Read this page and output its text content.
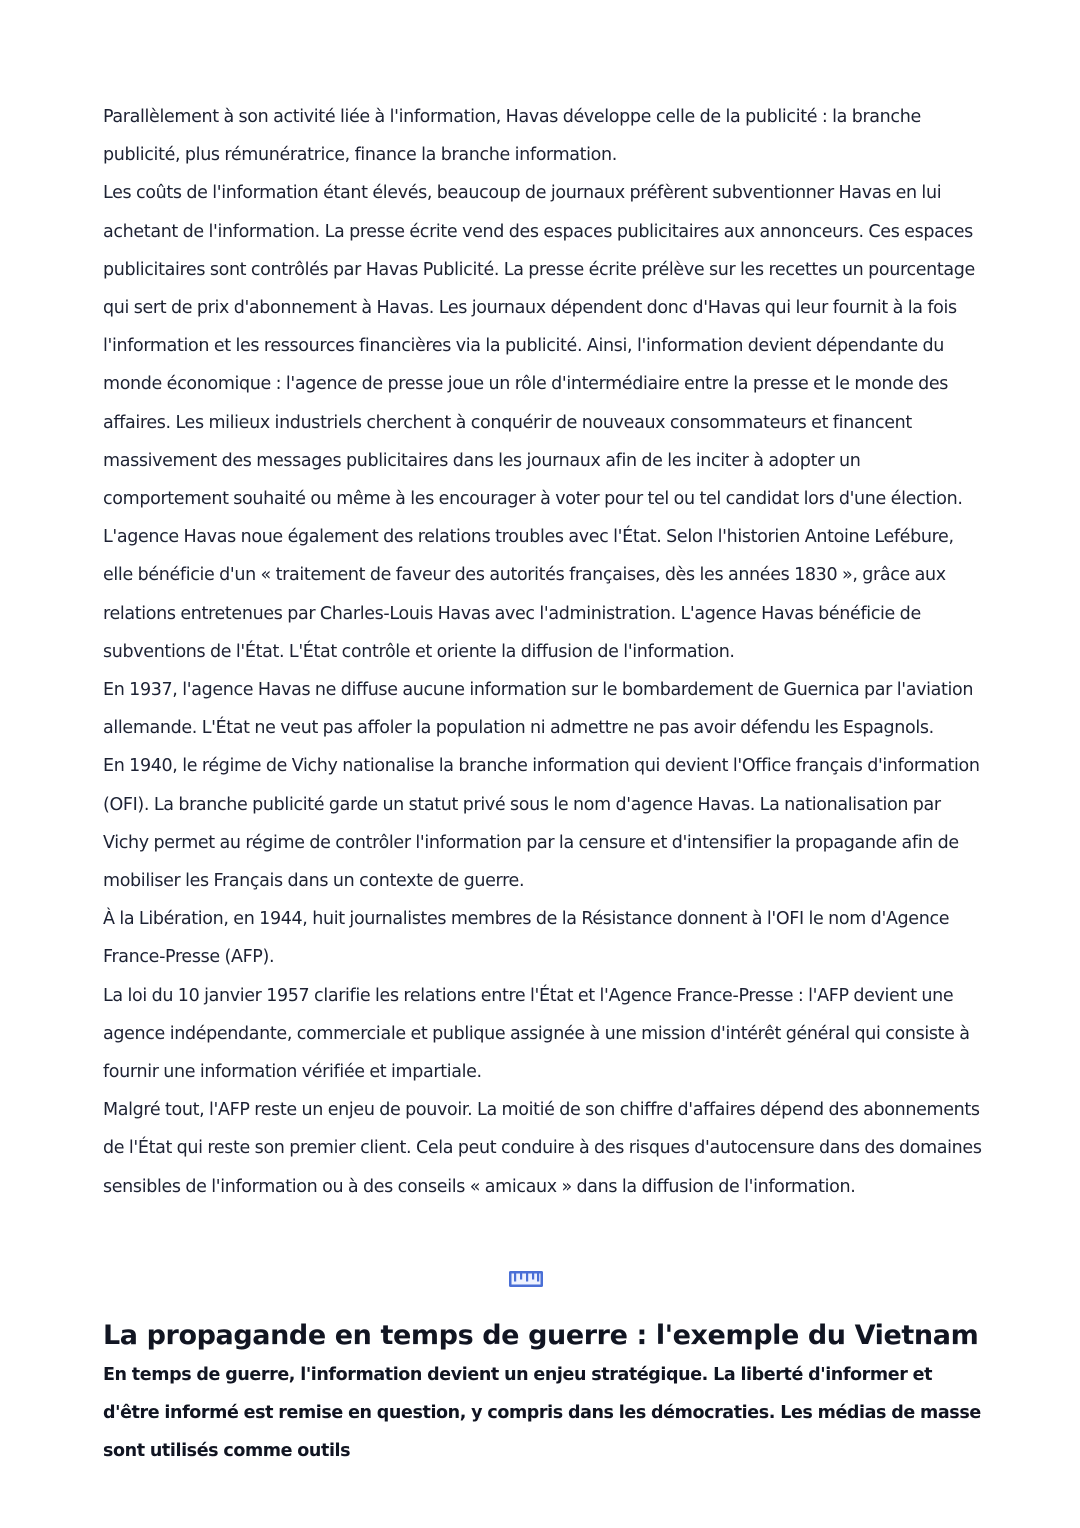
Parallèlement à son activité liée à l'information, Havas développe celle de la publicité : la branche publicité, plus rémunératrice, finance la branche information.

Les coûts de l'information étant élevés, beaucoup de journaux préfèrent subventionner Havas en lui achetant de l'information. La presse écrite vend des espaces publicitaires aux annonceurs. Ces espaces publicitaires sont contrôlés par Havas Publicité. La presse écrite prélève sur les recettes un pourcentage qui sert de prix d'abonnement à Havas. Les journaux dépendent donc d'Havas qui leur fournit à la fois l'information et les ressources financières via la publicité. Ainsi, l'information devient dépendante du monde économique : l'agence de presse joue un rôle d'intermédiaire entre la presse et le monde des affaires. Les milieux industriels cherchent à conquérir de nouveaux consommateurs et financent massivement des messages publicitaires dans les journaux afin de les inciter à adopter un comportement souhaité ou même à les encourager à voter pour tel ou tel candidat lors d'une élection.

L'agence Havas noue également des relations troubles avec l'État. Selon l'historien Antoine Lefébure, elle bénéficie d'un « traitement de faveur des autorités françaises, dès les années 1830 », grâce aux relations entretenues par Charles-Louis Havas avec l'administration. L'agence Havas bénéficie de subventions de l'État. L'État contrôle et oriente la diffusion de l'information.

En 1937, l'agence Havas ne diffuse aucune information sur le bombardement de Guernica par l'aviation allemande. L'État ne veut pas affoler la population ni admettre ne pas avoir défendu les Espagnols.

En 1940, le régime de Vichy nationalise la branche information qui devient l'Office français d'information (OFI). La branche publicité garde un statut privé sous le nom d'agence Havas. La nationalisation par Vichy permet au régime de contrôler l'information par la censure et d'intensifier la propagande afin de mobiliser les Français dans un contexte de guerre.

À la Libération, en 1944, huit journalistes membres de la Résistance donnent à l'OFI le nom d'Agence France-Presse (AFP).

La loi du 10 janvier 1957 clarifie les relations entre l'État et l'Agence France-Presse : l'AFP devient une agence indépendante, commerciale et publique assignée à une mission d'intérêt général qui consiste à fournir une information vérifiée et impartiale.

Malgré tout, l'AFP reste un enjeu de pouvoir. La moitié de son chiffre d'affaires dépend des abonnements de l'État qui reste son premier client. Cela peut conduire à des risques d'autocensure dans des domaines sensibles de l'information ou à des conseils « amicaux » dans la diffusion de l'information.

La propagande en temps de guerre : l'exemple du Vietnam

En temps de guerre, l'information devient un enjeu stratégique. La liberté d'informer et d'être informé est remise en question, y compris dans les démocraties. Les médias de masse sont utilisés comme outils
